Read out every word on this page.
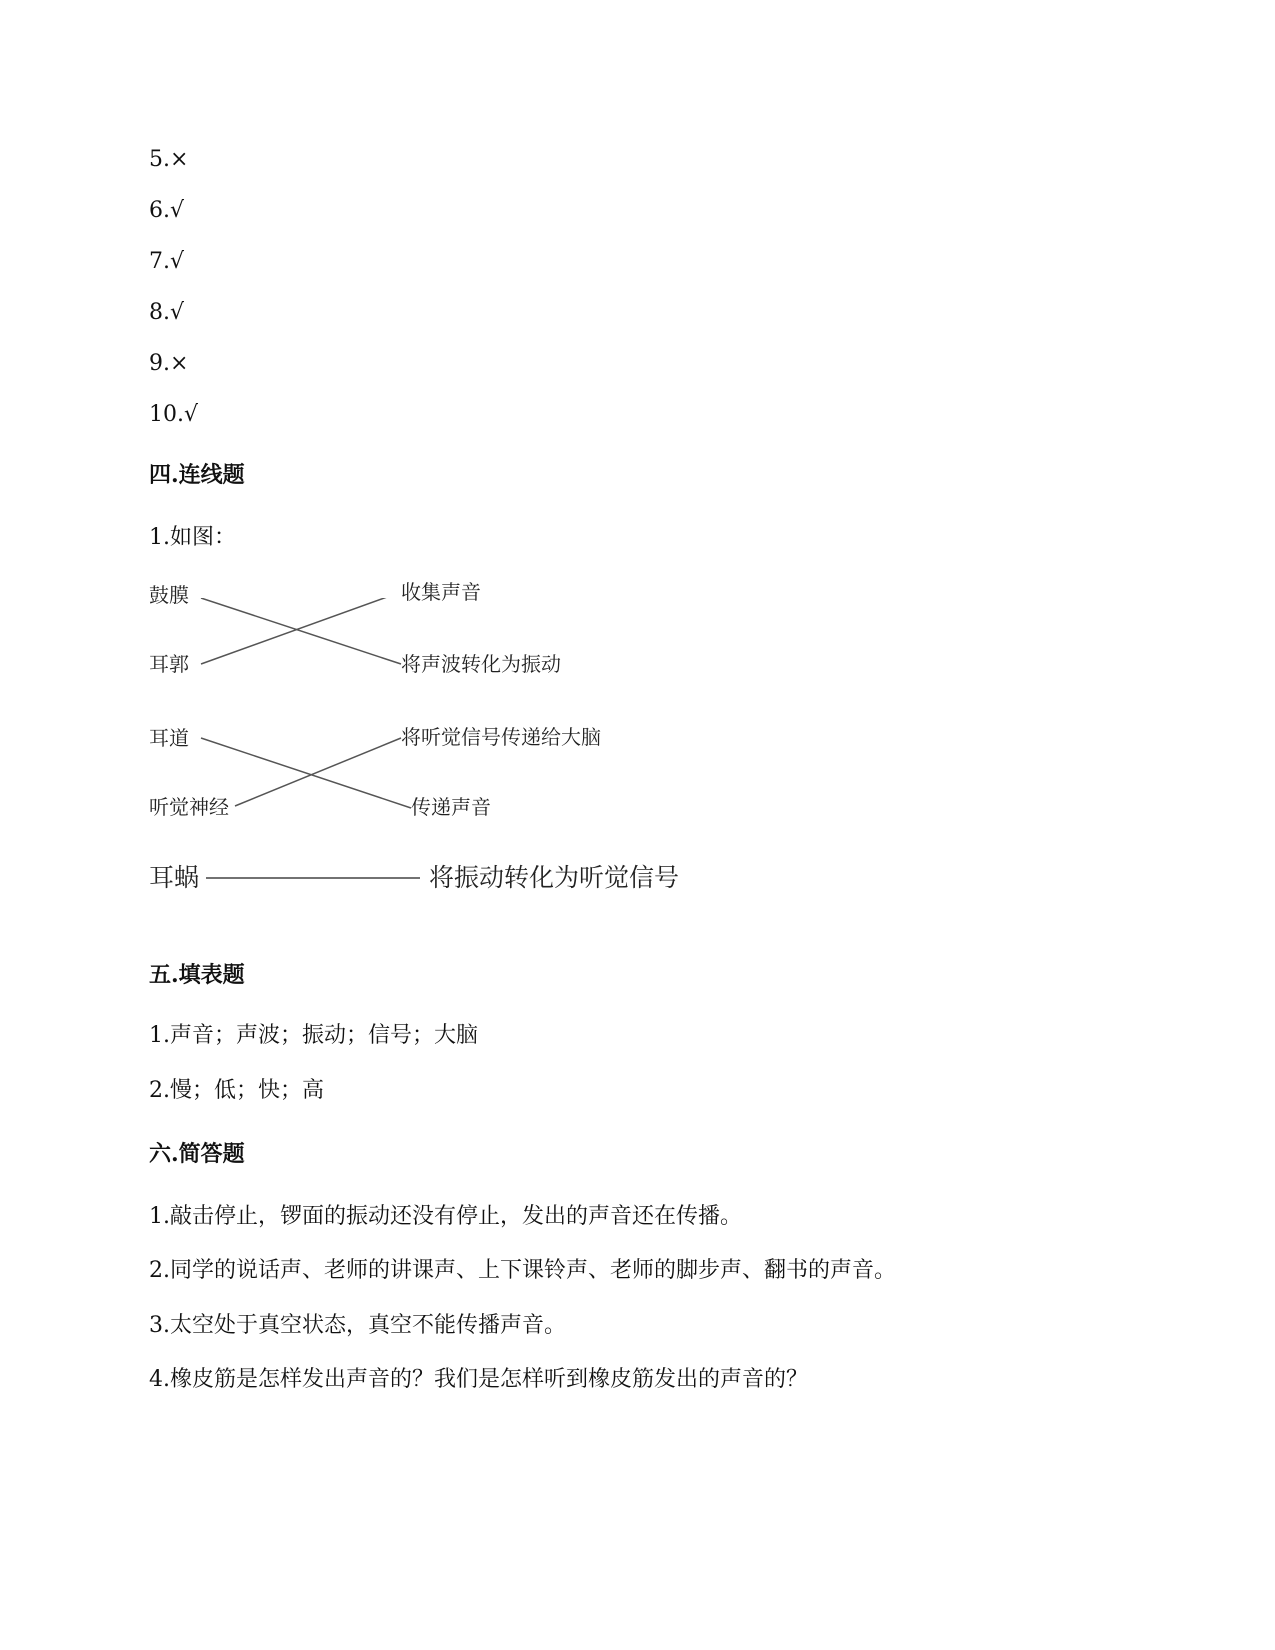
5.×
6.√
7.√
8.√
9.×
10.√
四.连线题
1.如图：
鼓膜
耳郭
耳道
听觉神经
耳蜗
收集声音
将声波转化为振动
将听觉信号传递给大脑
传递声音
将振动转化为听觉信号
五.填表题
1.声音；声波；振动；信号；大脑
2.慢；低；快；高
六.简答题
1.敲击停止，锣面的振动还没有停止，发出的声音还在传播。
2.同学的说话声、老师的讲课声、上下课铃声、老师的脚步声、翻书的声音。
3.太空处于真空状态，真空不能传播声音。
4.橡皮筋是怎样发出声音的？我们是怎样听到橡皮筋发出的声音的？
